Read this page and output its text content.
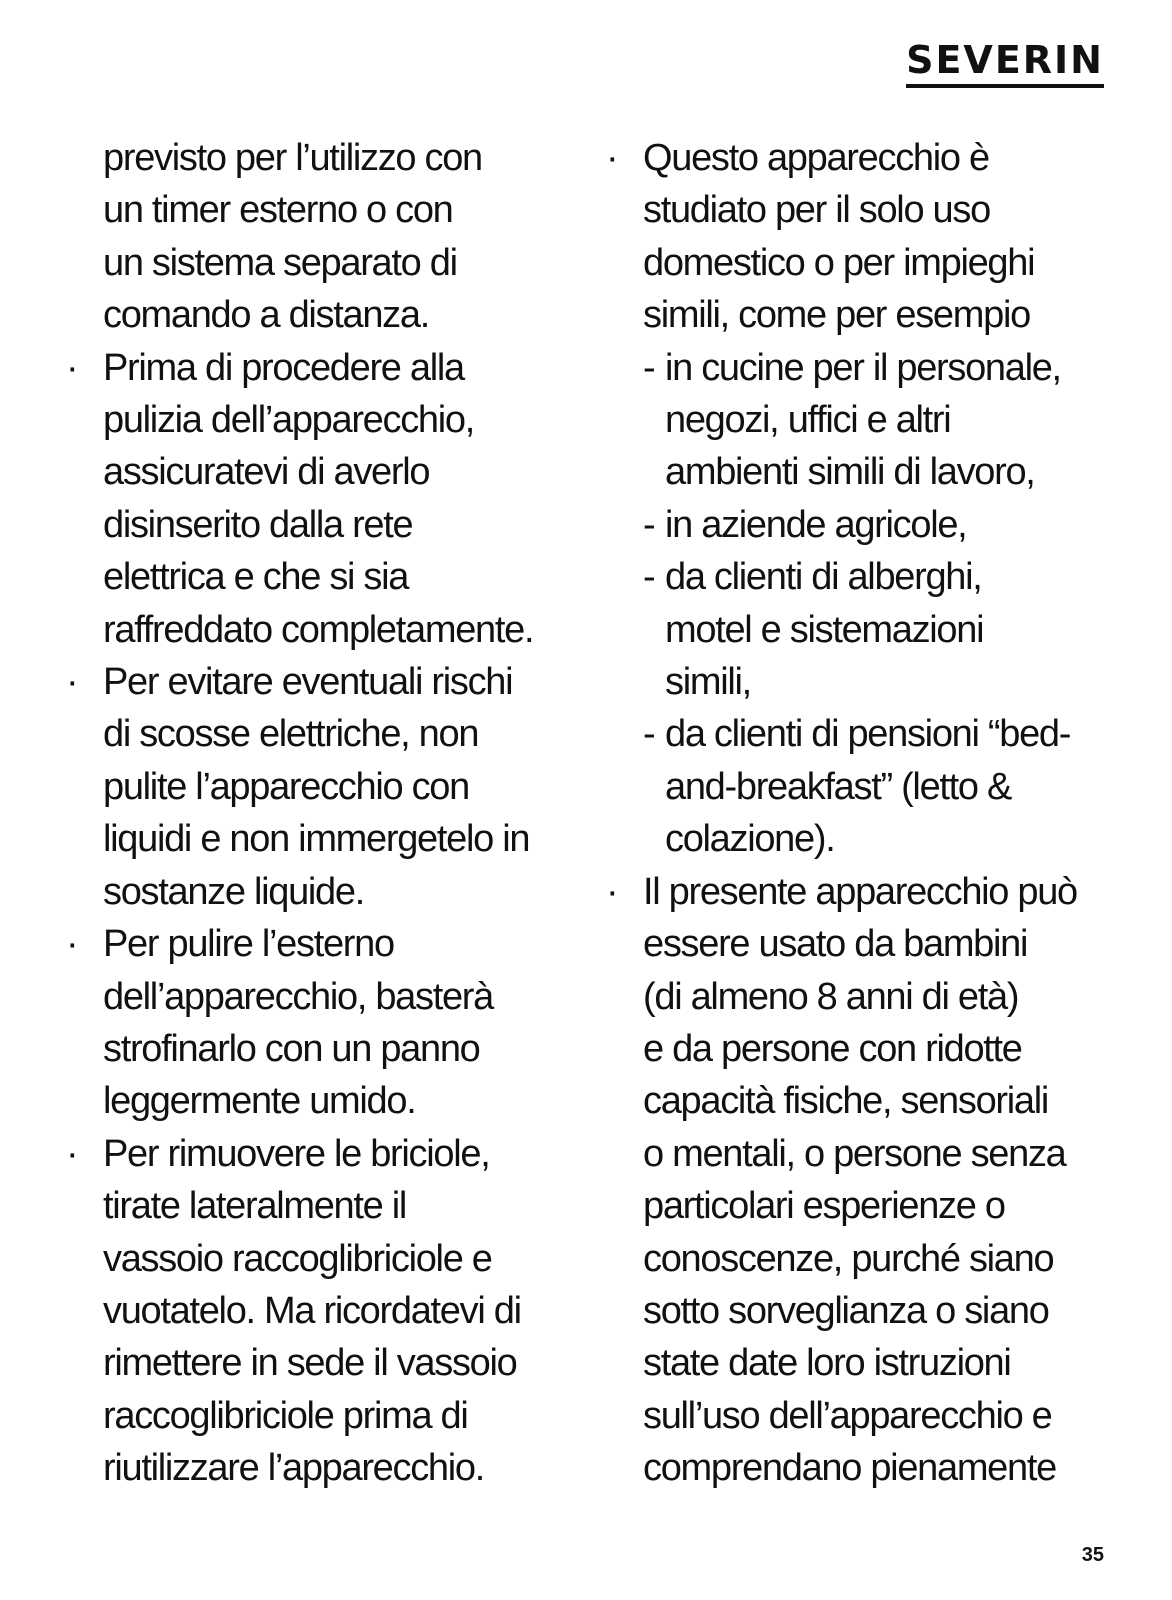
SEVERIN
previsto per l’utilizzo con
un timer esterno o con
un sistema separato di
comando a distanza.
· Prima di procedere alla
pulizia dell’apparecchio,
assicuratevi di averlo
disinserito dalla rete
elettrica e che si sia
raffreddato completamente.
· Per evitare eventuali rischi
di scosse elettriche, non
pulite l’apparecchio con
liquidi e non immergetelo in
sostanze liquide.
· Per pulire l’esterno
dell’apparecchio, basterà
strofinarlo con un panno
leggermente umido.
· Per rimuovere le briciole,
tirate lateralmente il
vassoio raccoglibriciole e
vuotatelo. Ma ricordatevi di
rimettere in sede il vassoio
raccoglibriciole prima di
riutilizzare l’apparecchio.
· Questo apparecchio è
studiato per il solo uso
domestico o per impieghi
simili, come per esempio
- in cucine per il personale,
negozi, uffici e altri
ambienti simili di lavoro,
- in aziende agricole,
- da clienti di alberghi,
motel e sistemazioni
simili,
- da clienti di pensioni “bed-
and-breakfast” (letto &
colazione).
· Il presente apparecchio può
essere usato da bambini
(di almeno 8 anni di età)
e da persone con ridotte
capacità fisiche, sensoriali
o mentali, o persone senza
particolari esperienze o
conoscenze, purché siano
sotto sorveglianza o siano
state date loro istruzioni
sull’uso dell’apparecchio e
comprendano pienamente
35
